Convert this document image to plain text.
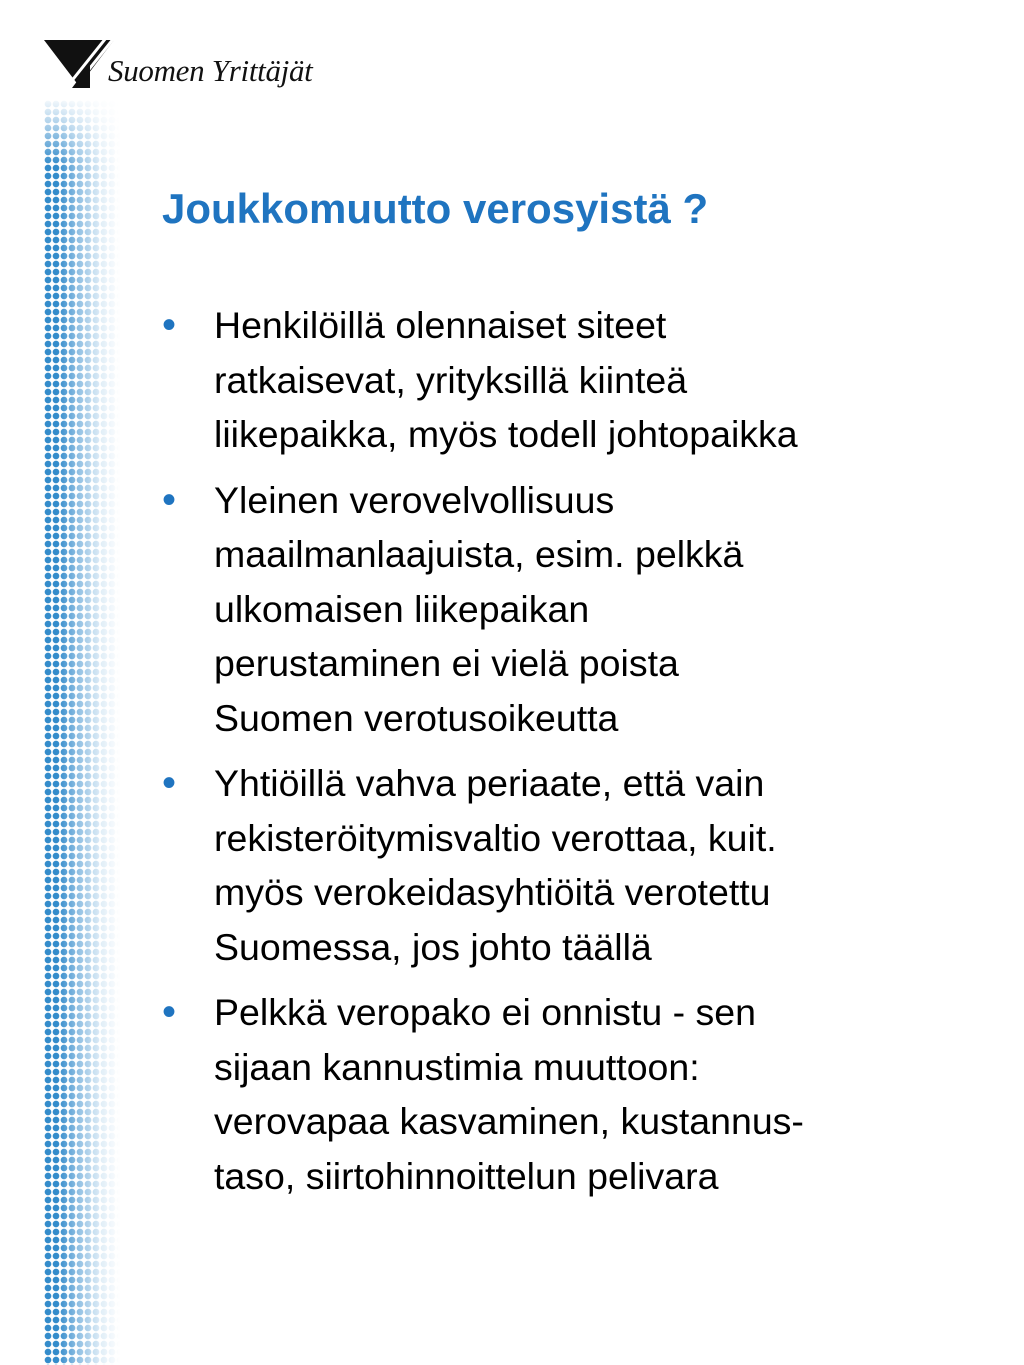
Suomen Yrittäjät
Joukkomuutto verosyistä ?
•	Henkilöillä olennaiset siteet
ratkaisevat, yrityksillä kiinteä
liikepaikka, myös todell johtopaikka
•	Yleinen verovelvollisuus
maailmanlaajuista, esim. pelkkä
ulkomaisen liikepaikan
perustaminen ei vielä poista
Suomen verotusoikeutta
•	Yhtiöillä vahva periaate, että vain
rekisteröitymisvaltio verottaa, kuit.
myös verokeidasyhtiöitä verotettu
Suomessa, jos johto täällä
•	Pelkkä veropako ei onnistu - sen
sijaan kannustimia muuttoon:
verovapaa kasvaminen, kustannus-
taso, siirtohinnoittelun pelivara
